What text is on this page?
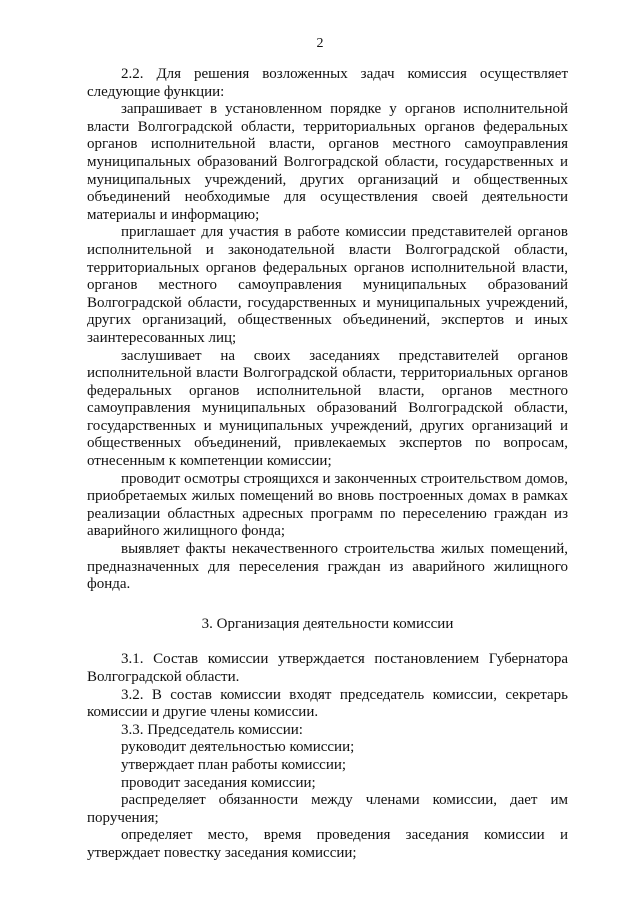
2

2.2. Для решения возложенных задач комиссия осуществляет следующие функции:

запрашивает в установленном порядке у органов исполнительной власти Волгоградской области, территориальных органов федеральных органов исполнительной власти, органов местного самоуправления муниципальных образований Волгоградской области, государственных и муниципальных учреждений, других организаций и общественных объединений необходимые для осуществления своей деятельности материалы и информацию;

приглашает для участия в работе комиссии представителей органов исполнительной и законодательной власти Волгоградской области, территориальных органов федеральных органов исполнительной власти, органов местного самоуправления муниципальных образований Волгоградской области, государственных и муниципальных учреждений, других организаций, общественных объединений, экспертов и иных заинтересованных лиц;

заслушивает на своих заседаниях представителей органов исполнительной власти Волгоградской области, территориальных органов федеральных органов исполнительной власти, органов местного самоуправления муниципальных образований Волгоградской области, государственных и муниципальных учреждений, других организаций и общественных объединений, привлекаемых экспертов по вопросам, отнесенным к компетенции комиссии;

проводит осмотры строящихся и законченных строительством домов, приобретаемых жилых помещений во вновь построенных домах в рамках реализации областных адресных программ по переселению граждан из аварийного жилищного фонда;

выявляет факты некачественного строительства жилых помещений, предназначенных для переселения граждан из аварийного жилищного фонда.

3. Организация деятельности комиссии

3.1. Состав комиссии утверждается постановлением Губернатора Волгоградской области.

3.2. В состав комиссии входят председатель комиссии, секретарь комиссии и другие члены комиссии.

3.3. Председатель комиссии:

руководит деятельностью комиссии;

утверждает план работы комиссии;

проводит заседания комиссии;

распределяет обязанности между членами комиссии, дает им поручения;

определяет место, время проведения заседания комиссии и утверждает повестку заседания комиссии;
